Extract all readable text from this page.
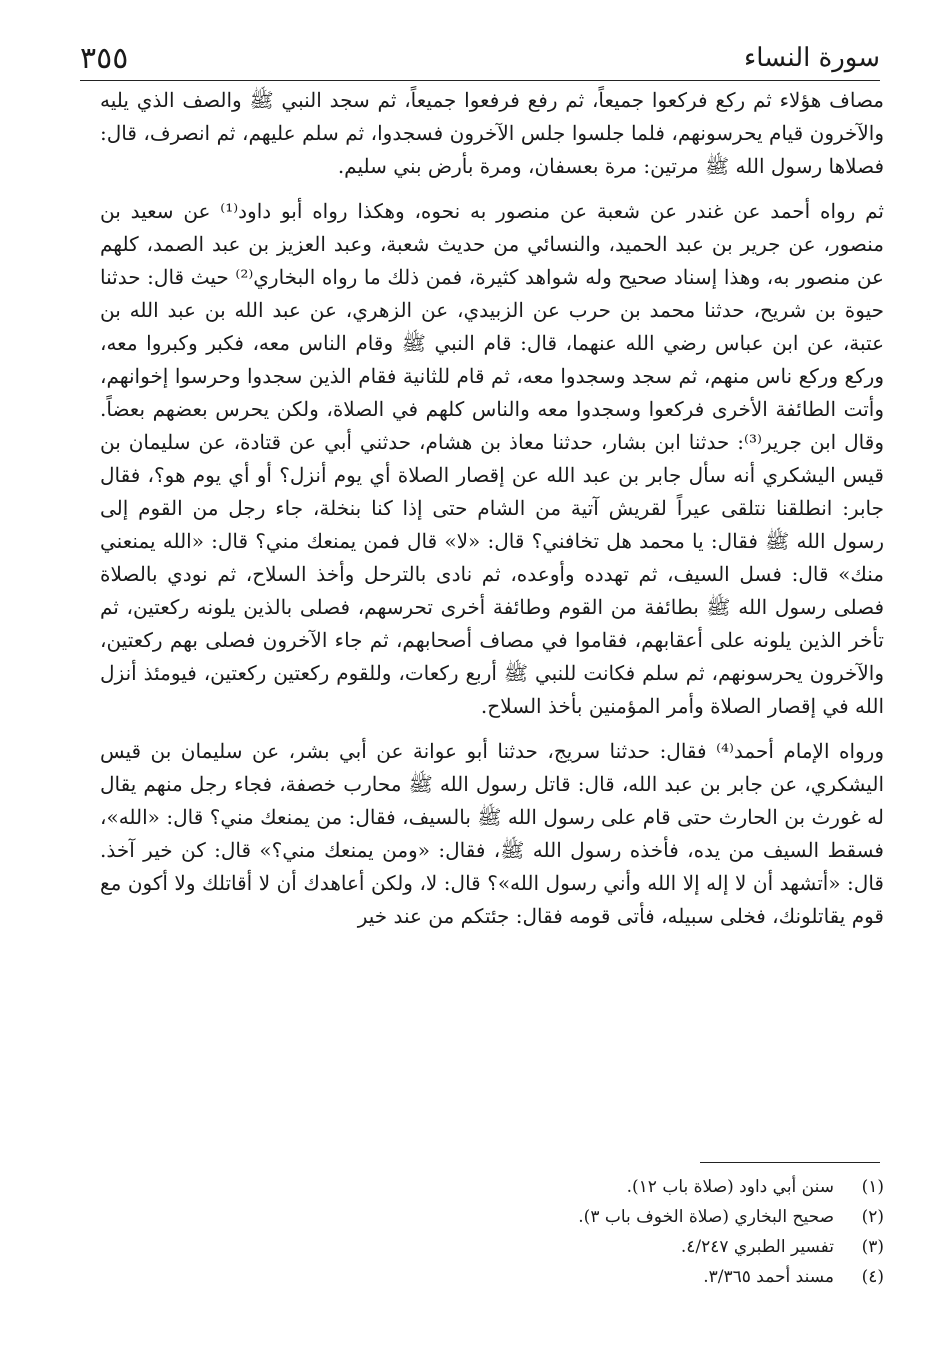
٣٥٥	سورة النساء

مصاف هؤلاء ثم ركع فركعوا جميعاً، ثم رفع فرفعوا جميعاً، ثم سجد النبي ﷺ والصف الذي يليه والآخرون قيام يحرسونهم، فلما جلسوا جلس الآخرون فسجدوا، ثم سلم عليهم، ثم انصرف، قال: فصلاها رسول الله ﷺ مرتين: مرة بعسفان، ومرة بأرض بني سليم.

ثم رواه أحمد عن غندر عن شعبة عن منصور به نحوه، وهكذا رواه أبو داود⁽¹⁾ عن سعيد بن منصور، عن جرير بن عبد الحميد، والنسائي من حديث شعبة، وعبد العزيز بن عبد الصمد، كلهم عن منصور به، وهذا إسناد صحيح وله شواهد كثيرة، فمن ذلك ما رواه البخاري⁽²⁾ حيث قال: حدثنا حيوة بن شريح، حدثنا محمد بن حرب عن الزبيدي، عن الزهري، عن عبد الله بن عبد الله بن عتبة، عن ابن عباس رضي الله عنهما، قال: قام النبي ﷺ وقام الناس معه، فكبر وكبروا معه، وركع وركع ناس منهم، ثم سجد وسجدوا معه، ثم قام للثانية فقام الذين سجدوا وحرسوا إخوانهم، وأتت الطائفة الأخرى فركعوا وسجدوا معه والناس كلهم في الصلاة، ولكن يحرس بعضهم بعضاً. وقال ابن جرير⁽³⁾: حدثنا ابن بشار، حدثنا معاذ بن هشام، حدثني أبي عن قتادة، عن سليمان بن قيس اليشكري أنه سأل جابر بن عبد الله عن إقصار الصلاة أي يوم أنزل؟ أو أي يوم هو؟، فقال جابر: انطلقنا نتلقى عيراً لقريش آتية من الشام حتى إذا كنا بنخلة، جاء رجل من القوم إلى رسول الله ﷺ فقال: يا محمد هل تخافني؟ قال: «لا» قال فمن يمنعك مني؟ قال: «الله يمنعني منك» قال: فسل السيف، ثم تهدده وأوعده، ثم نادى بالترحل وأخذ السلاح، ثم نودي بالصلاة فصلى رسول الله ﷺ بطائفة من القوم وطائفة أخرى تحرسهم، فصلى بالذين يلونه ركعتين، ثم تأخر الذين يلونه على أعقابهم، فقاموا في مصاف أصحابهم، ثم جاء الآخرون فصلى بهم ركعتين، والآخرون يحرسونهم، ثم سلم فكانت للنبي ﷺ أربع ركعات، وللقوم ركعتين ركعتين، فيومئذ أنزل الله في إقصار الصلاة وأمر المؤمنين بأخذ السلاح.

ورواه الإمام أحمد⁽⁴⁾ فقال: حدثنا سريج، حدثنا أبو عوانة عن أبي بشر، عن سليمان بن قيس اليشكري، عن جابر بن عبد الله، قال: قاتل رسول الله ﷺ محارب خصفة، فجاء رجل منهم يقال له غورث بن الحارث حتى قام على رسول الله ﷺ بالسيف، فقال: من يمنعك مني؟ قال: «الله»، فسقط السيف من يده، فأخذه رسول الله ﷺ، فقال: «ومن يمنعك مني؟» قال: كن خير آخذ. قال: «أتشهد أن لا إله إلا الله وأني رسول الله»؟ قال: لا، ولكن أعاهدك أن لا أقاتلك ولا أكون مع قوم يقاتلونك، فخلى سبيله، فأتى قومه فقال: جئتكم من عند خير

(١)سنن أبي داود (صلاة باب ١٢).

(٢)صحيح البخاري (صلاة الخوف باب ٣).

(٣)تفسير الطبري ٤/٢٤٧.

(٤)مسند أحمد ٣/٣٦٥.
